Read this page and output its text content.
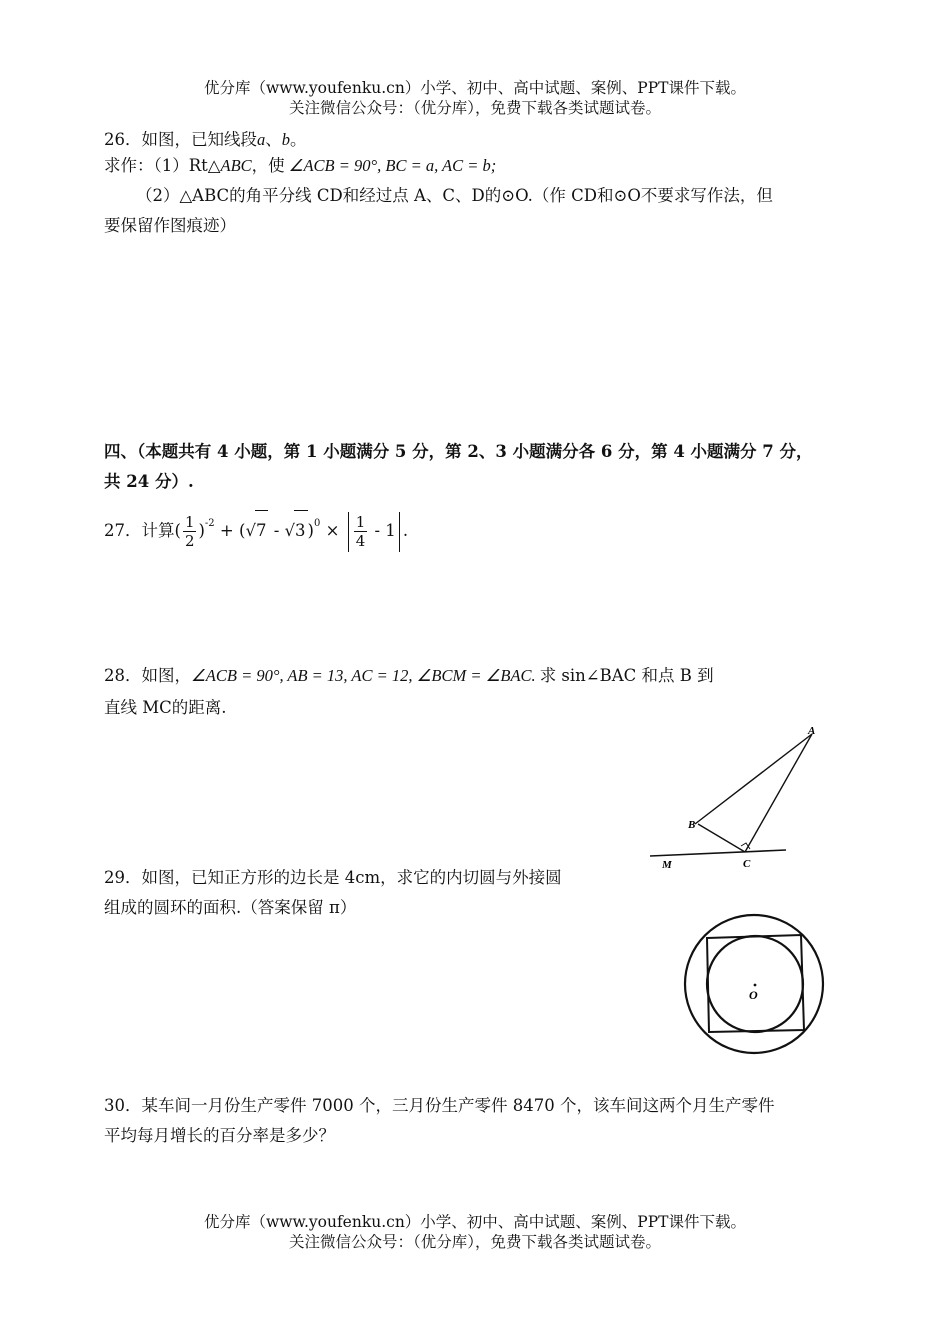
优分库（www.youfenku.cn）小学、初中、高中试题、案例、PPT课件下载。
关注微信公众号：（优分库），免费下载各类试题试卷。
26．如图，已知线段a、b。
求作：（1）Rt△ABC，使 ∠ACB = 90°, BC = a, AC = b;
（2）△ABC的角平分线 CD和经过点 A、C、D的⊙O.（作 CD和⊙O不要求写作法，但
要保留作图痕迹）
四、（本题共有 4 小题，第 1 小题满分 5 分，第 2、3 小题满分各 6 分，第 4 小题满分 7 分，
共 24 分）.
27．计算( $\frac{1}{2} )^{-2} + (√7 - √3$ )$^0 \times \frac{1}{4} - 1$ .
28．如图，∠ACB = 90°, AB = 13, AC = 12, ∠BCM = ∠BAC. 求 sin∠BAC 和点 B 到
直线 MC的距离.
A
B
C
M
29．如图，已知正方形的边长是 4cm，求它的内切圆与外接圆
组成的圆环的面积.（答案保留 π）
O
30．某车间一月份生产零件 7000 个，三月份生产零件 8470 个，该车间这两个月生产零件
平均每月增长的百分率是多少？
优分库（www.youfenku.cn）小学、初中、高中试题、案例、PPT课件下载。
关注微信公众号：（优分库），免费下载各类试题试卷。
